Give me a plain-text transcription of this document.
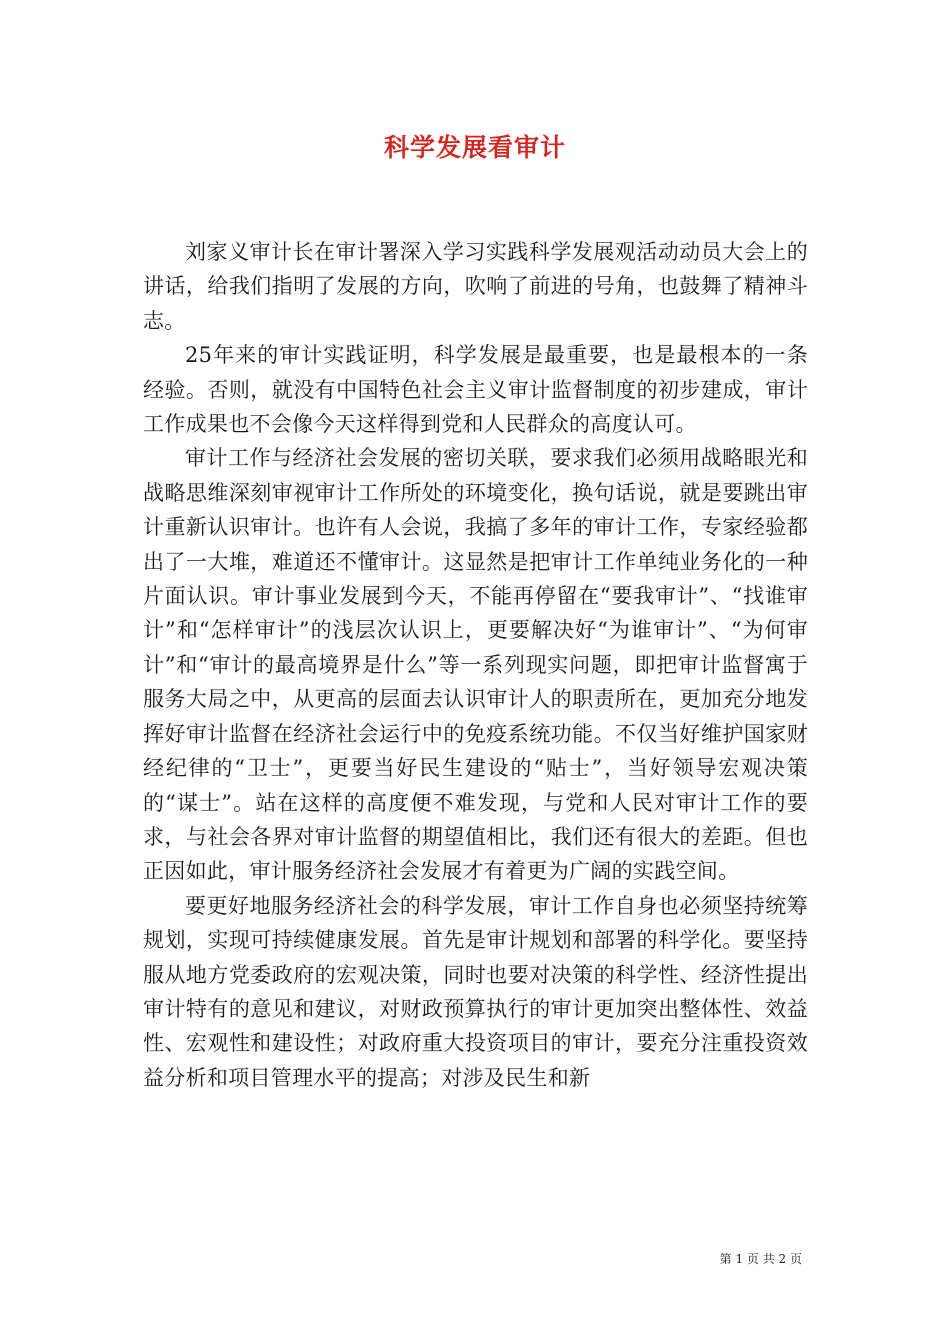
科学发展看审计

刘家义审计长在审计署深入学习实践科学发展观活动动员大会上的讲话，给我们指明了发展的方向，吹响了前进的号角，也鼓舞了精神斗志。

25年来的审计实践证明，科学发展是最重要，也是最根本的一条经验。否则，就没有中国特色社会主义审计监督制度的初步建成，审计工作成果也不会像今天这样得到党和人民群众的高度认可。

审计工作与经济社会发展的密切关联，要求我们必须用战略眼光和战略思维深刻审视审计工作所处的环境变化，换句话说，就是要跳出审计重新认识审计。也许有人会说，我搞了多年的审计工作，专家经验都出了一大堆，难道还不懂审计。这显然是把审计工作单纯业务化的一种片面认识。审计事业发展到今天，不能再停留在“要我审计”、“找谁审计”和“怎样审计”的浅层次认识上，更要解决好“为谁审计”、“为何审计”和“审计的最高境界是什么”等一系列现实问题，即把审计监督寓于服务大局之中，从更高的层面去认识审计人的职责所在，更加充分地发挥好审计监督在经济社会运行中的免疫系统功能。不仅当好维护国家财经纪律的“卫士”，更要当好民生建设的“贴士”，当好领导宏观决策的“谋士”。站在这样的高度便不难发现，与党和人民对审计工作的要求，与社会各界对审计监督的期望值相比，我们还有很大的差距。但也正因如此，审计服务经济社会发展才有着更为广阔的实践空间。

要更好地服务经济社会的科学发展，审计工作自身也必须坚持统筹规划，实现可持续健康发展。首先是审计规划和部署的科学化。要坚持服从地方党委政府的宏观决策，同时也要对决策的科学性、经济性提出审计特有的意见和建议，对财政预算执行的审计更加突出整体性、效益性、宏观性和建设性；对政府重大投资项目的审计，要充分注重投资效益分析和项目管理水平的提高；对涉及民生和新

第 1 页 共 2 页
